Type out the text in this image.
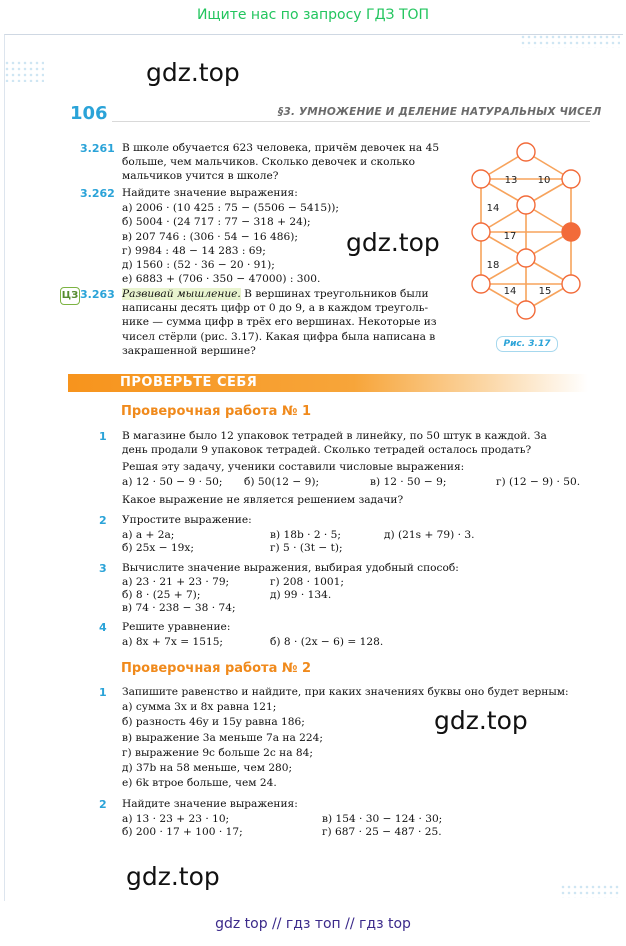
Ищите нас по запросу ГДЗ ТОП
gdz.top
gdz.top
gdz.top
gdz.top
106	§3. УМНОЖЕНИЕ И ДЕЛЕНИЕ НАТУРАЛЬНЫХ ЧИСЕЛ
3.261 В школе обучается 623 человека, причём девочек на 45
больше, чем мальчиков. Сколько девочек и сколько
мальчиков учится в школе?
3.262 Найдите значение выражения:
а) 2006 · (10 425 : 75 − (5506 − 5415));
б) 5004 · (24 717 : 77 − 318 + 24);
в) 207 746 : (306 · 54 − 16 486);
г) 9984 : 48 − 14 283 : 69;
д) 1560 : (52 · 36 − 20 · 91);
е) 6883 + (706 · 350 − 47000) : 300.
ЦЗ 3.263 Развивай мышление. В вершинах треугольников были
написаны десять цифр от 0 до 9, а в каждом треуголь-
нике — сумма цифр в трёх его вершинах. Некоторые из
чисел стёрли (рис. 3.17). Какая цифра была написана в
закрашенной вершине?
13 10
14
17
18
14 15
Рис. 3.17
ПРОВЕРЬТЕ СЕБЯ
Проверочная работа № 1
1 В магазине было 12 упаковок тетрадей в линейку, по 50 штук в каждой. За
день продали 9 упаковок тетрадей. Сколько тетрадей осталось продать?
Решая эту задачу, ученики составили числовые выражения:
а) 12 · 50 − 9 · 50; б) 50(12 − 9);	в) 12 · 50 − 9;	г) (12 − 9) · 50.
Какое выражение не является решением задачи?
2 Упростите выражение:
а) a + 2a;
б) 25x − 19x;
в) 18b · 2 · 5;
г) 5 · (3t − t);
д) (21s + 79) · 3.
3 Вычислите значение выражения, выбирая удобный способ:
а) 23 · 21 + 23 · 79;
б) 8 · (25 + 7);
в) 74 · 238 − 38 · 74;
г) 208 · 1001;
д) 99 · 134.
4 Решите уравнение:
а) 8x + 7x = 1515;	б) 8 · (2x − 6) = 128.
Проверочная работа № 2
1 Запишите равенство и найдите, при каких значениях буквы оно будет верным:
а) сумма 3x и 8x равна 121;
б) разность 46y и 15y равна 186;
в) выражение 3a меньше 7a на 224;
г) выражение 9c больше 2c на 84;
д) 37b на 58 меньше, чем 280;
е) 6k втрое больше, чем 24.
2 Найдите значение выражения:
а) 13 · 23 + 23 · 10;
б) 200 · 17 + 100 · 17;
в) 154 · 30 − 124 · 30;
г) 687 · 25 − 487 · 25.
gdz top // гдз топ // гдз top
